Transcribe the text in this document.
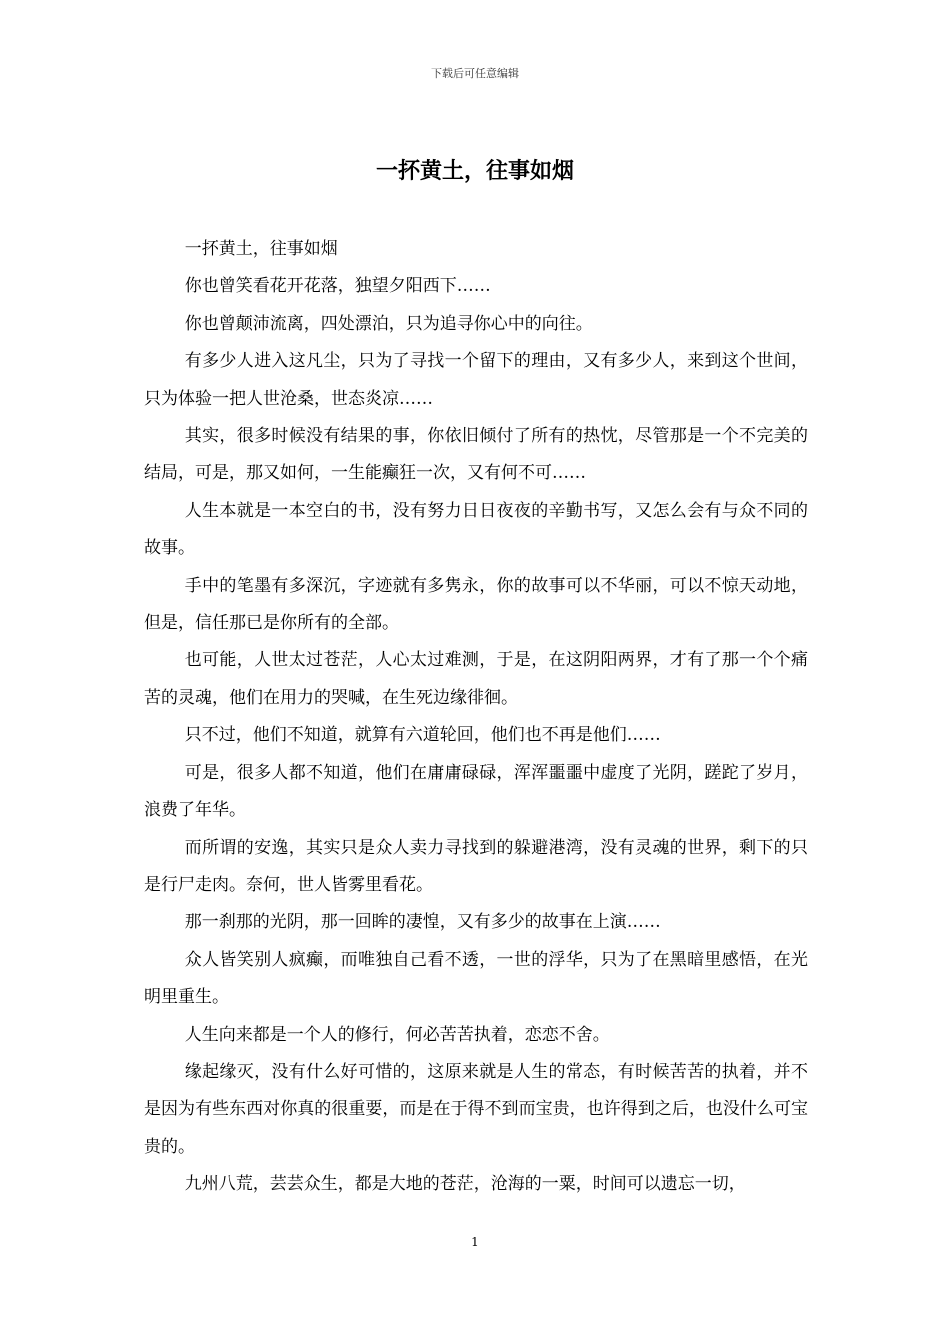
下载后可任意编辑
一抔黄土，往事如烟

一抔黄土，往事如烟

你也曾笑看花开花落，独望夕阳西下……

你也曾颠沛流离，四处漂泊，只为追寻你心中的向往。

有多少人进入这凡尘，只为了寻找一个留下的理由，又有多少人，来到这个世间，只为体验一把人世沧桑，世态炎凉……

其实，很多时候没有结果的事，你依旧倾付了所有的热忱，尽管那是一个不完美的结局，可是，那又如何，一生能癫狂一次，又有何不可……

人生本就是一本空白的书，没有努力日日夜夜的辛勤书写，又怎么会有与众不同的故事。

手中的笔墨有多深沉，字迹就有多隽永，你的故事可以不华丽，可以不惊天动地，但是，信任那已是你所有的全部。

也可能，人世太过苍茫，人心太过难测，于是，在这阴阳两界，才有了那一个个痛苦的灵魂，他们在用力的哭喊，在生死边缘徘徊。

只不过，他们不知道，就算有六道轮回，他们也不再是他们……

可是，很多人都不知道，他们在庸庸碌碌，浑浑噩噩中虚度了光阴，蹉跎了岁月，浪费了年华。

而所谓的安逸，其实只是众人卖力寻找到的躲避港湾，没有灵魂的世界，剩下的只是行尸走肉。奈何，世人皆雾里看花。

那一刹那的光阴，那一回眸的凄惶，又有多少的故事在上演……

众人皆笑别人疯癫，而唯独自己看不透，一世的浮华，只为了在黑暗里感悟，在光明里重生。

人生向来都是一个人的修行，何必苦苦执着，恋恋不舍。

缘起缘灭，没有什么好可惜的，这原来就是人生的常态，有时候苦苦的执着，并不是因为有些东西对你真的很重要，而是在于得不到而宝贵，也许得到之后，也没什么可宝贵的。

九州八荒，芸芸众生，都是大地的苍茫，沧海的一粟，时间可以遗忘一切，

1
